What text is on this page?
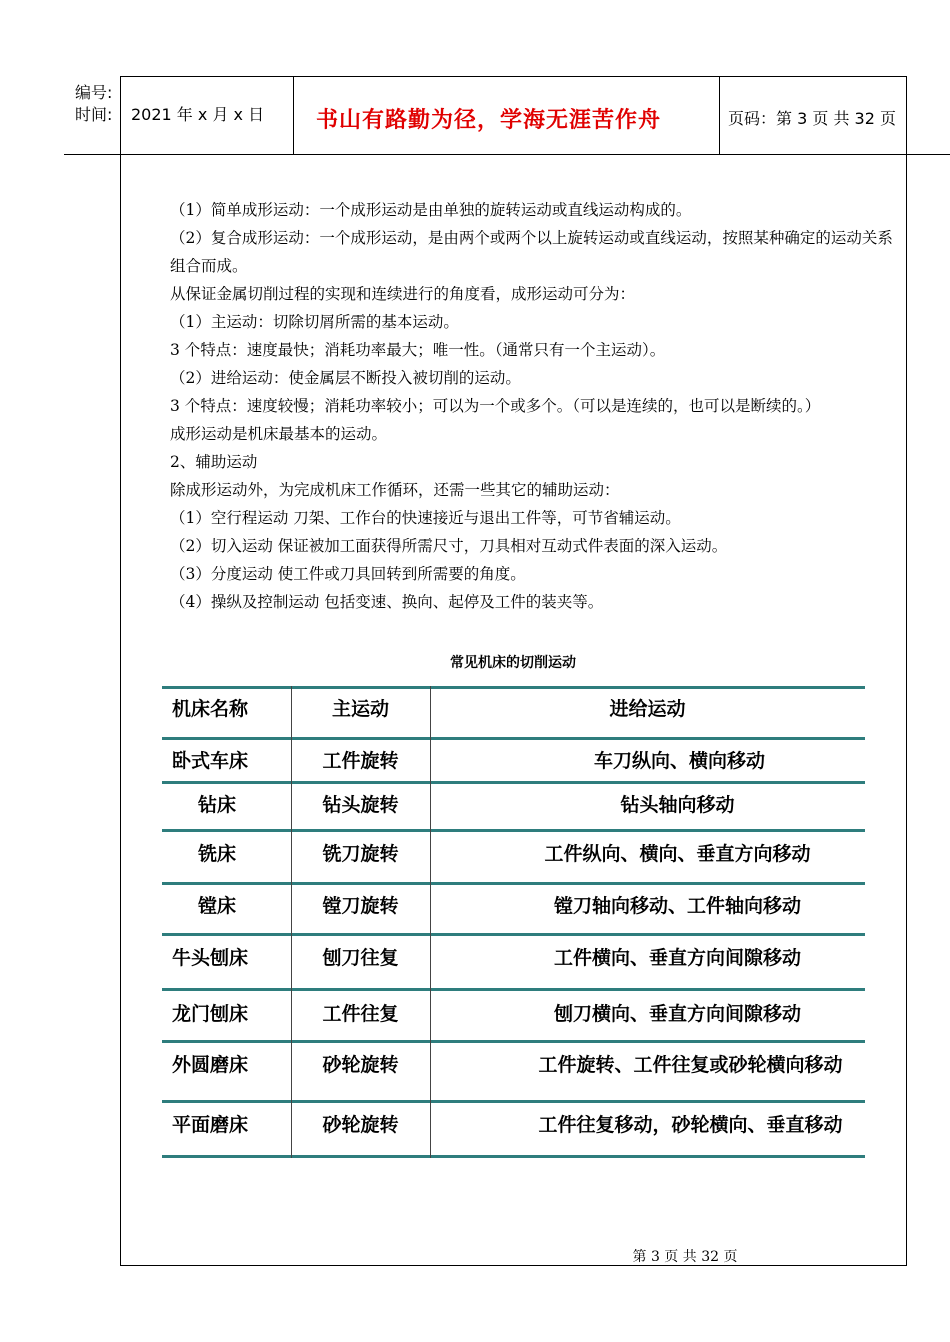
编号:
时间: 2021 年 x 月 x 日 书山有路勤为径，学海无涯苦作舟	页码：第 3 页 共 32 页

（1）简单成形运动：一个成形运动是由单独的旋转运动或直线运动构成的。

（2）复合成形运动：一个成形运动，是由两个或两个以上旋转运动或直线运动，按照某种确定的运动关系组合而成。

从保证金属切削过程的实现和连续进行的角度看，成形运动可分为：

（1）主运动：切除切屑所需的基本运动。

3 个特点：速度最快；消耗功率最大；唯一性。（通常只有一个主运动）。

（2）进给运动：使金属层不断投入被切削的运动。

3 个特点：速度较慢；消耗功率较小；可以为一个或多个。（可以是连续的，也可以是断续的。）

成形运动是机床最基本的运动。

2、辅助运动

除成形运动外，为完成机床工作循环，还需一些其它的辅助运动：

（1）空行程运动 刀架、工作台的快速接近与退出工件等，可节省辅运动。

（2）切入运动 保证被加工面获得所需尺寸，刀具相对互动式件表面的深入运动。

（3）分度运动 使工件或刀具回转到所需要的角度。

（4）操纵及控制运动 包括变速、换向、起停及工件的装夹等。

常见机床的切削运动
机床名称	主运动	进给运动
卧式车床	工件旋转	车刀纵向、横向移动
钻床	钻头旋转	钻头轴向移动
铣床	铣刀旋转	工件纵向、横向、垂直方向移动
镗床	镗刀旋转	镗刀轴向移动、工件轴向移动
牛头刨床	刨刀往复	工件横向、垂直方向间隙移动
龙门刨床	工件往复	刨刀横向、垂直方向间隙移动
外圆磨床	砂轮旋转	工件旋转、工件往复或砂轮横向移动
平面磨床	砂轮旋转	工件往复移动，砂轮横向、垂直移动
第 3 页 共 32 页
